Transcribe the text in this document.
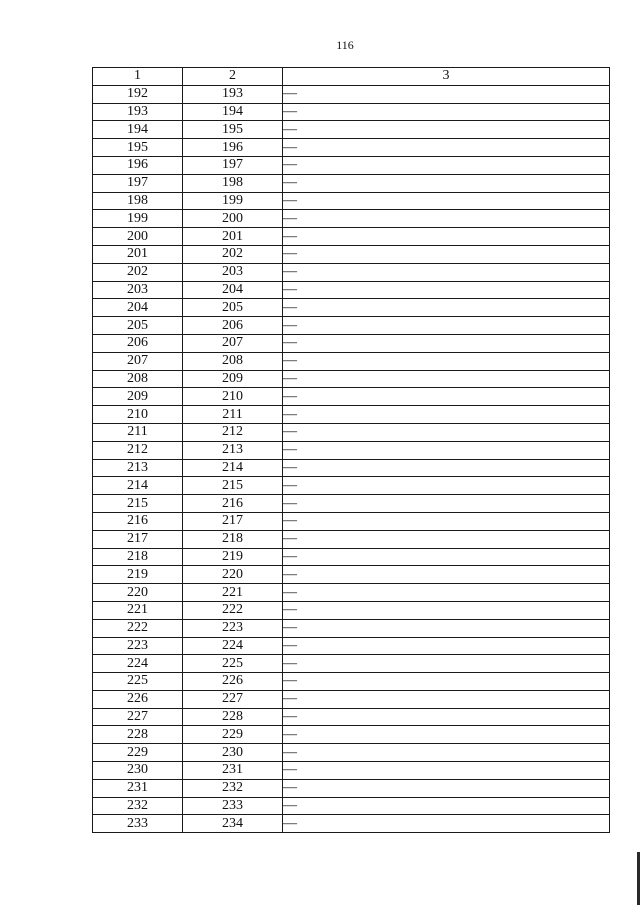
116
1	2	3
192	193	—
193	194	—
194	195	—
195	196	—
196	197	—
197	198	—
198	199	—
199	200	—
200	201	—
201	202	—
202	203	—
203	204	—
204	205	—
205	206	—
206	207	—
207	208	—
208	209	—
209	210	—
210	211	—
211	212	—
212	213	—
213	214	—
214	215	—
215	216	—
216	217	—
217	218	—
218	219	—
219	220	—
220	221	—
221	222	—
222	223	—
223	224	—
224	225	—
225	226	—
226	227	—
227	228	—
228	229	—
229	230	—
230	231	—
231	232	—
232	233	—
233	234	—
